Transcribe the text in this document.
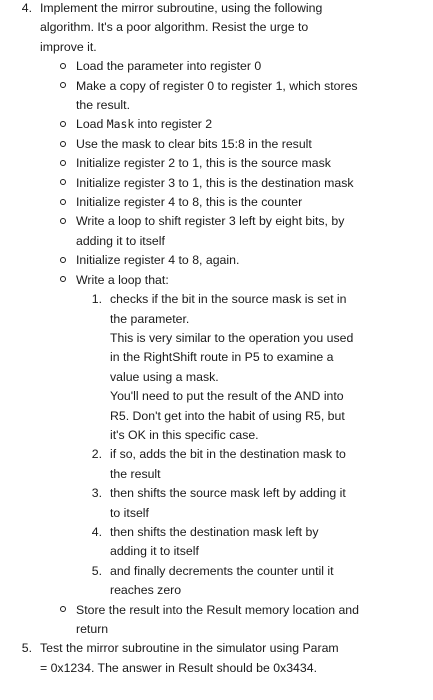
4. Implement the mirror subroutine, using the following algorithm. It's a poor algorithm. Resist the urge to improve it.
Load the parameter into register 0
Make a copy of register 0 to register 1, which stores the result.
Load Mask into register 2
Use the mask to clear bits 15:8 in the result
Initialize register 2 to 1, this is the source mask
Initialize register 3 to 1, this is the destination mask
Initialize register 4 to 8, this is the counter
Write a loop to shift register 3 left by eight bits, by adding it to itself
Initialize register 4 to 8, again.
Write a loop that:
1. checks if the bit in the source mask is set in the parameter.

This is very similar to the operation you used in the RightShift route in P5 to examine a value using a mask.

You'll need to put the result of the AND into R5. Don't get into the habit of using R5, but it's OK in this specific case.

2. if so, adds the bit in the destination mask to the result
3. then shifts the source mask left by adding it to itself
4. then shifts the destination mask left by adding it to itself
5. and finally decrements the counter until it reaches zero
Store the result into the Result memory location and return
5. Test the mirror subroutine in the simulator using Param = 0x1234. The answer in Result should be 0x3434.
